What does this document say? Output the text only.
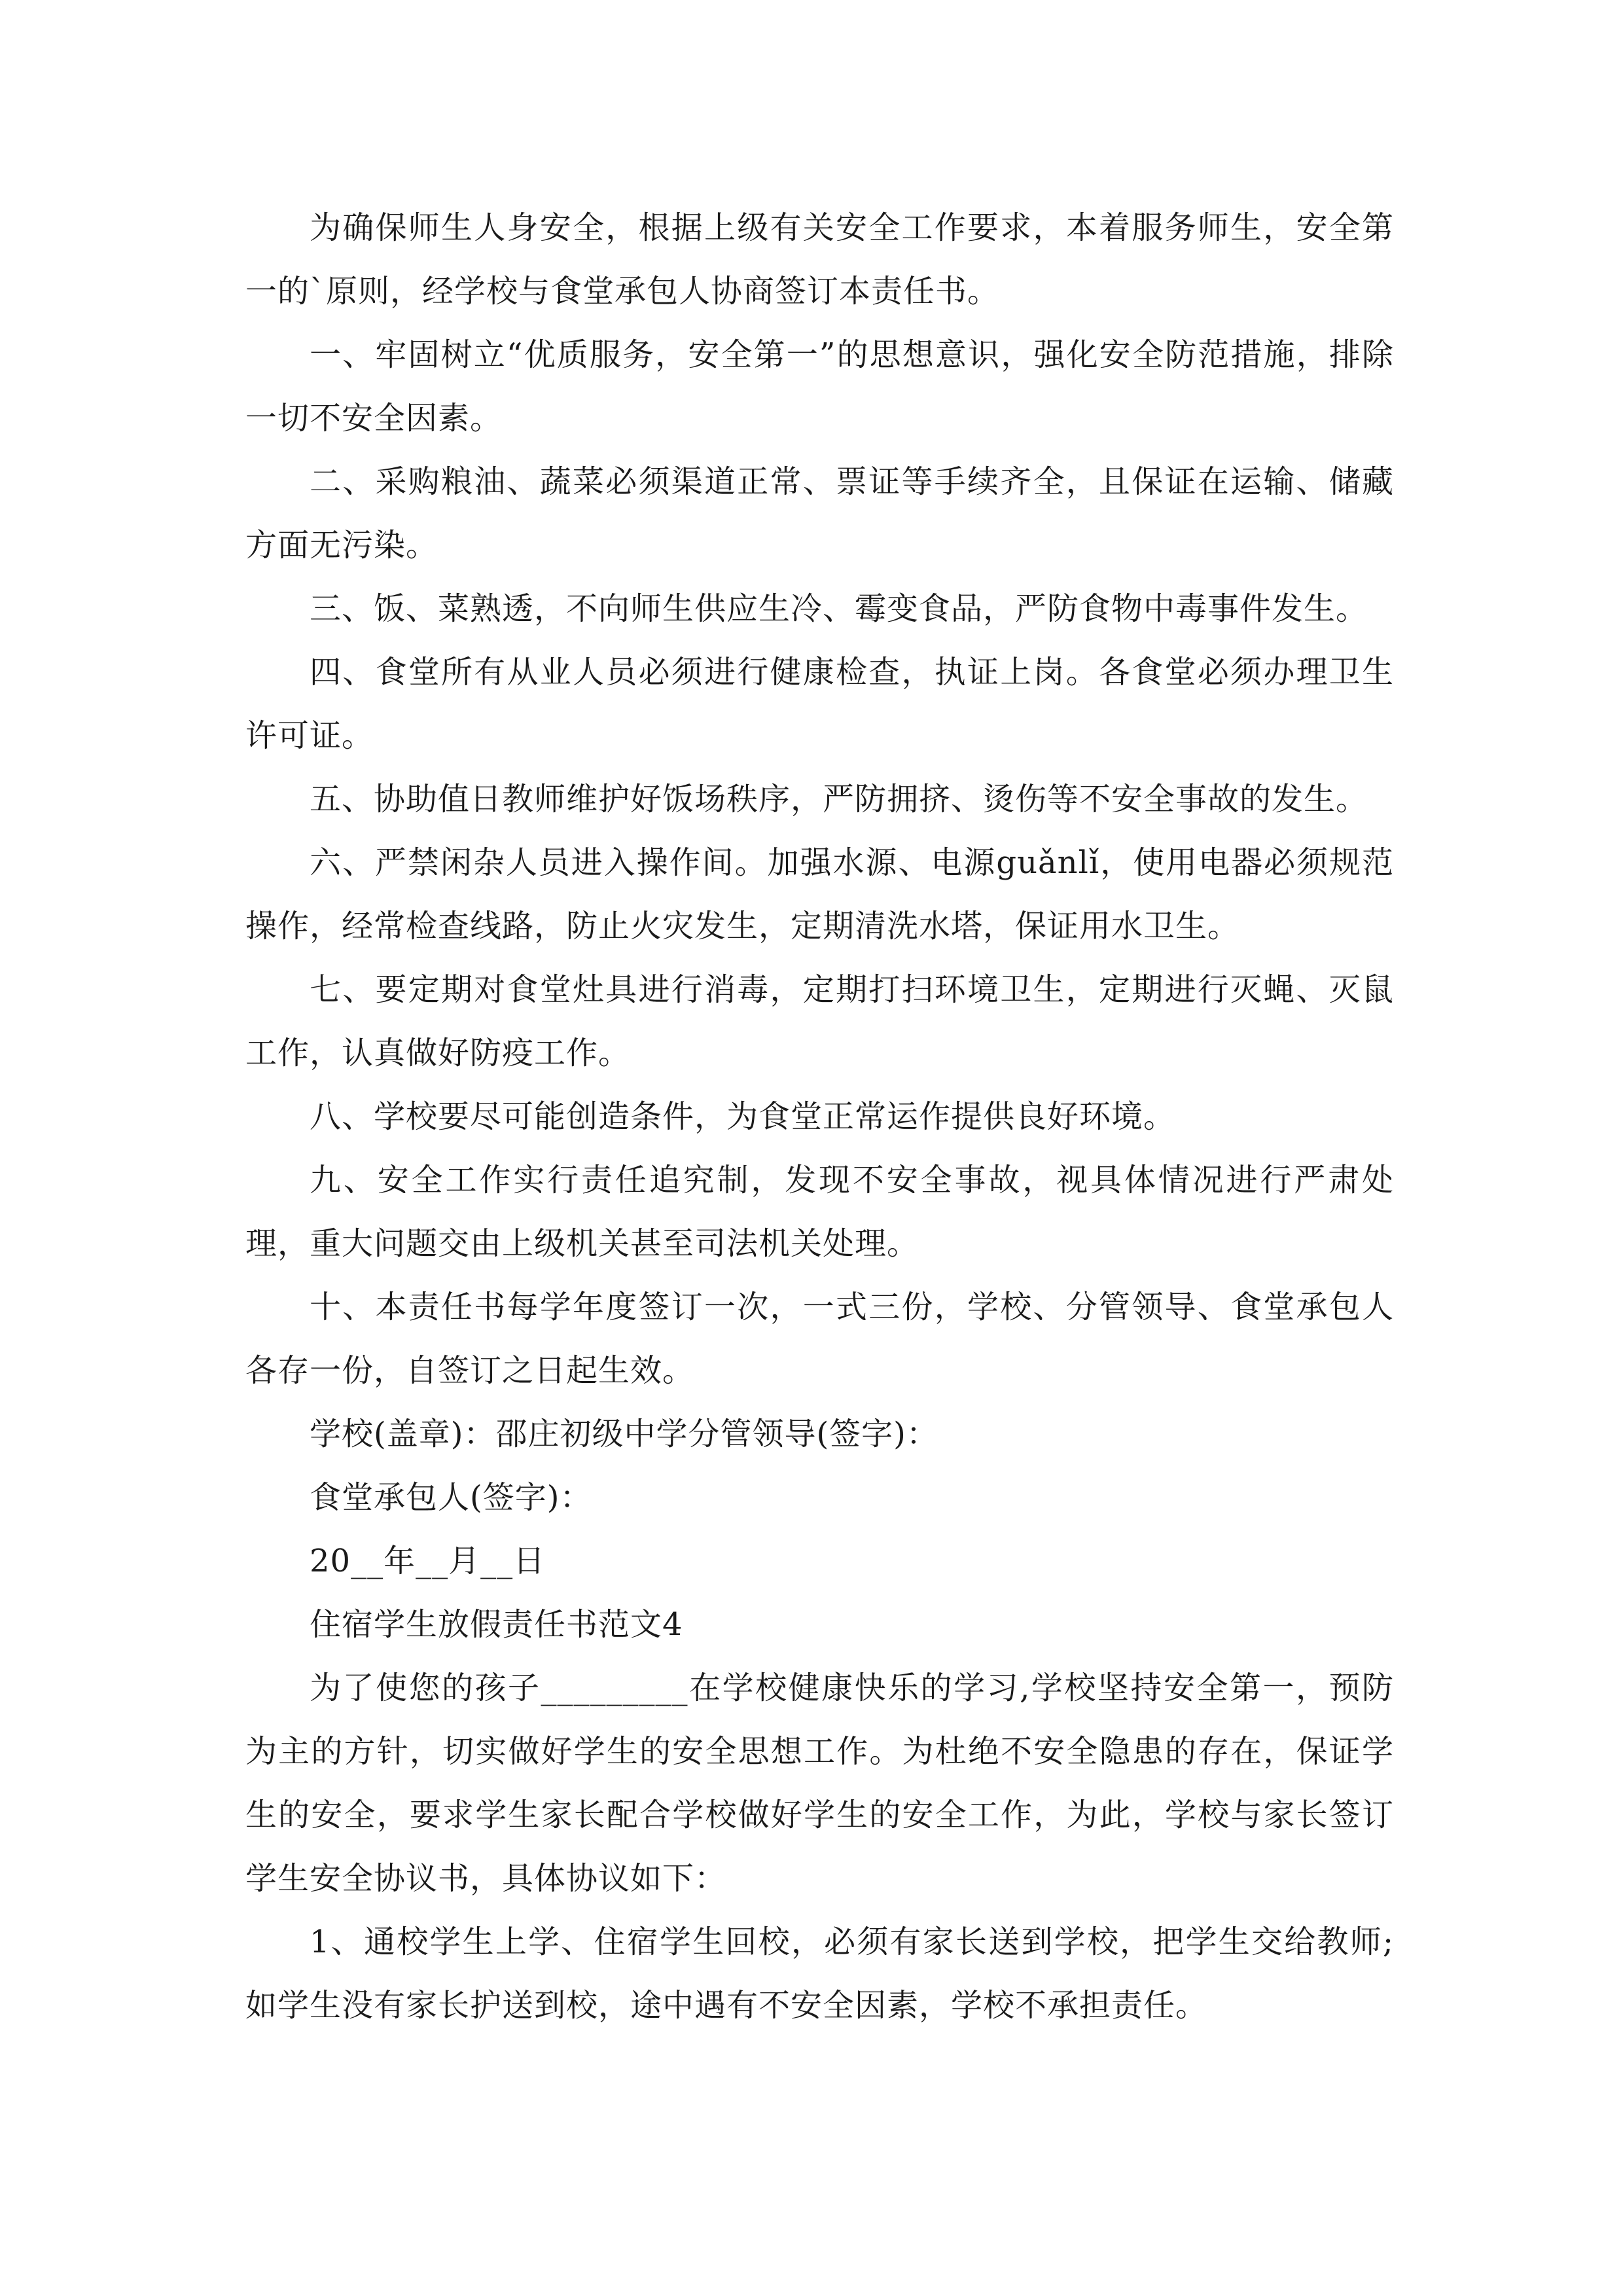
为确保师生人身安全，根据上级有关安全工作要求，本着服务师生，安全第一的`原则，经学校与食堂承包人协商签订本责任书。

一、牢固树立“优质服务，安全第一”的思想意识，强化安全防范措施，排除一切不安全因素。

二、采购粮油、蔬菜必须渠道正常、票证等手续齐全，且保证在运输、储藏方面无污染。

三、饭、菜熟透，不向师生供应生冷、霉变食品，严防食物中毒事件发生。

四、食堂所有从业人员必须进行健康检查，执证上岗。各食堂必须办理卫生许可证。

五、协助值日教师维护好饭场秩序，严防拥挤、烫伤等不安全事故的发生。

六、严禁闲杂人员进入操作间。加强水源、电源guǎnlǐ，使用电器必须规范操作，经常检查线路，防止火灾发生，定期清洗水塔，保证用水卫生。

七、要定期对食堂灶具进行消毒，定期打扫环境卫生，定期进行灭蝇、灭鼠工作，认真做好防疫工作。

八、学校要尽可能创造条件，为食堂正常运作提供良好环境。

九、安全工作实行责任追究制，发现不安全事故，视具体情况进行严肃处理，重大问题交由上级机关甚至司法机关处理。

十、本责任书每学年度签订一次，一式三份，学校、分管领导、食堂承包人各存一份，自签订之日起生效。

学校(盖章)：邵庄初级中学分管领导(签字)：

食堂承包人(签字)：

20__年__月__日

住宿学生放假责任书范文4

为了使您的孩子_________在学校健康快乐的学习,学校坚持安全第一，预防为主的方针，切实做好学生的安全思想工作。为杜绝不安全隐患的存在，保证学生的安全，要求学生家长配合学校做好学生的安全工作，为此，学校与家长签订学生安全协议书，具体协议如下：

1、通校学生上学、住宿学生回校，必须有家长送到学校，把学生交给教师;如学生没有家长护送到校，途中遇有不安全因素，学校不承担责任。
